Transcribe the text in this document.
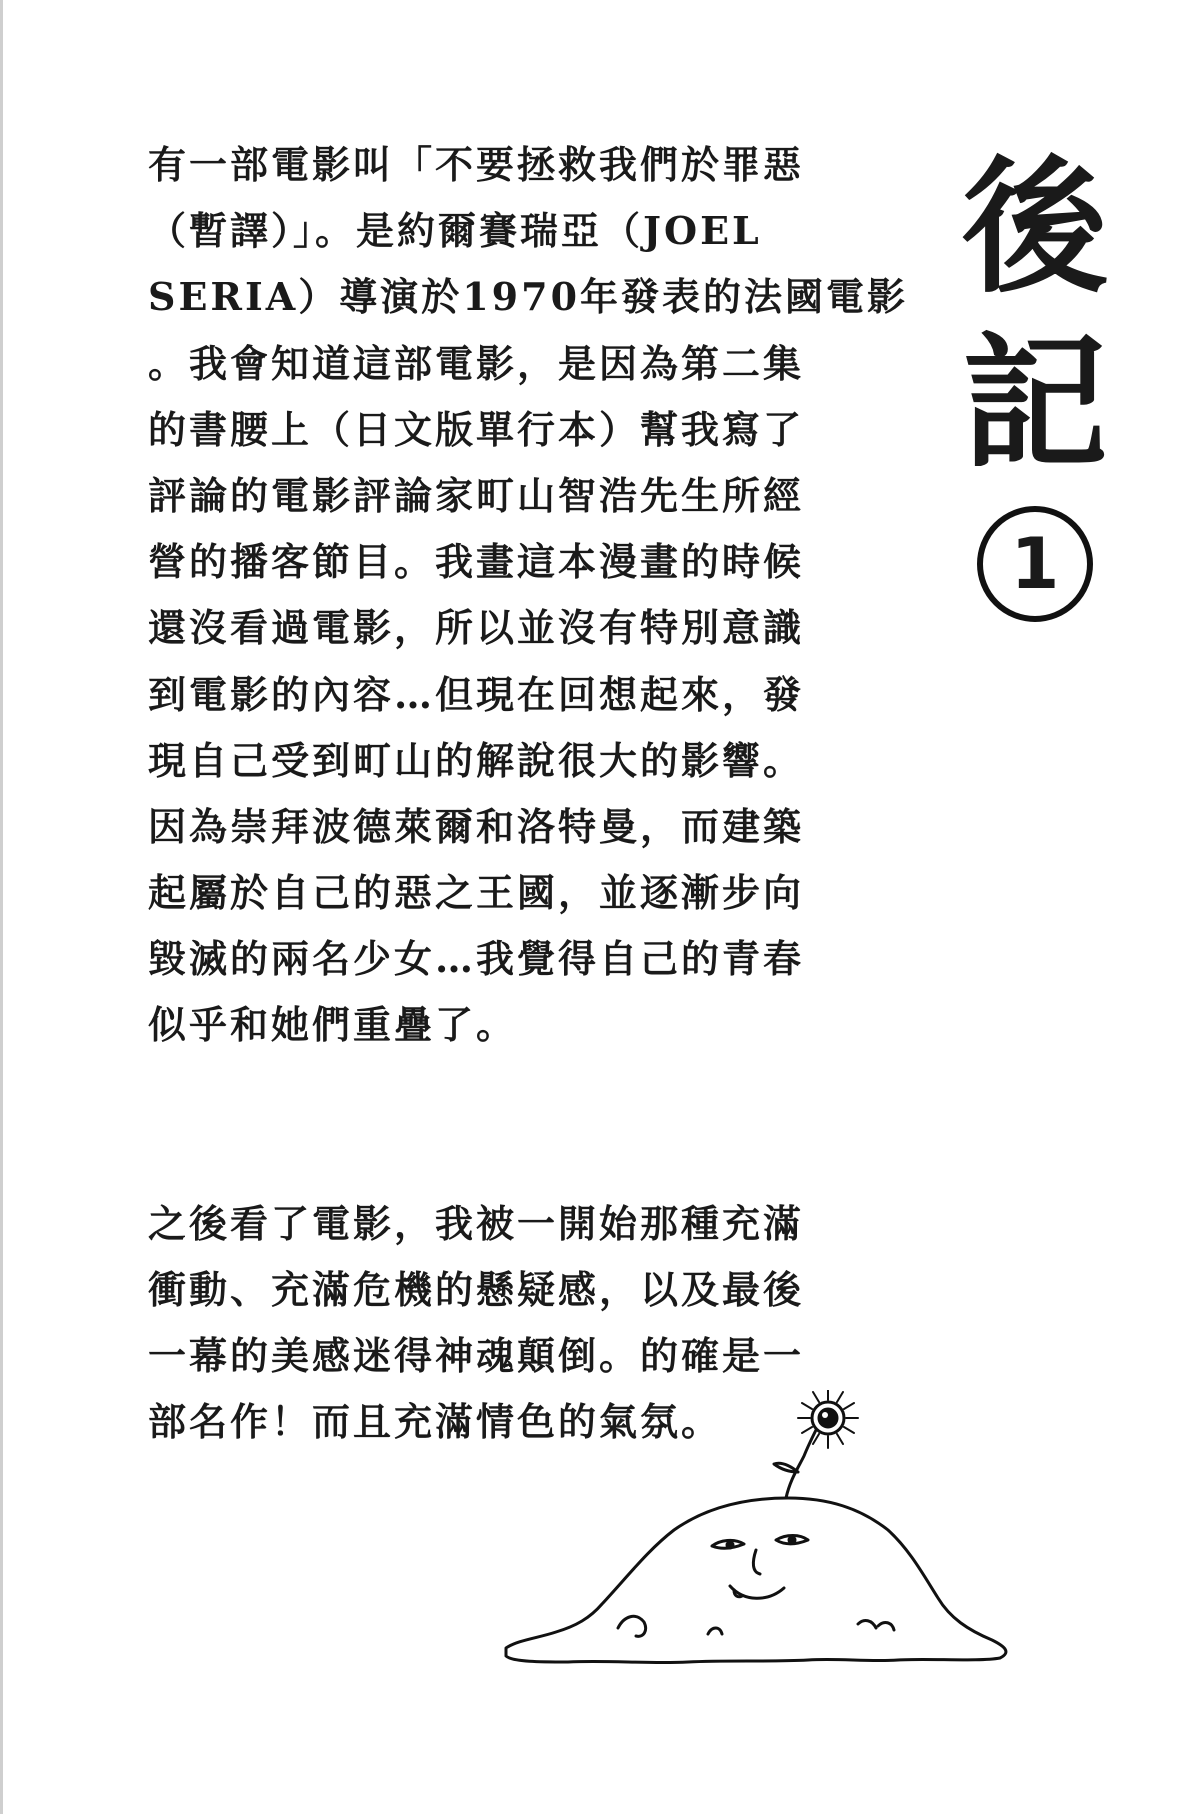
有一部電影叫「不要拯救我們於罪惡
（暫譯）」。是約爾賽瑞亞（JOEL
SERIA）導演於1970年發表的法國電影
。我會知道這部電影，是因為第二集
的書腰上（日文版單行本）幫我寫了
評論的電影評論家町山智浩先生所經
營的播客節目。我畫這本漫畫的時候
還沒看過電影，所以並沒有特別意識
到電影的內容…但現在回想起來，發
現自己受到町山的解說很大的影響。
因為崇拜波德萊爾和洛特曼，而建築
起屬於自己的惡之王國，並逐漸步向
毀滅的兩名少女…我覺得自己的青春
似乎和她們重疊了。
之後看了電影，我被一開始那種充滿
衝動、充滿危機的懸疑感，以及最後
一幕的美感迷得神魂顛倒。的確是一
部名作！而且充滿情色的氣氛。
後
記
1
